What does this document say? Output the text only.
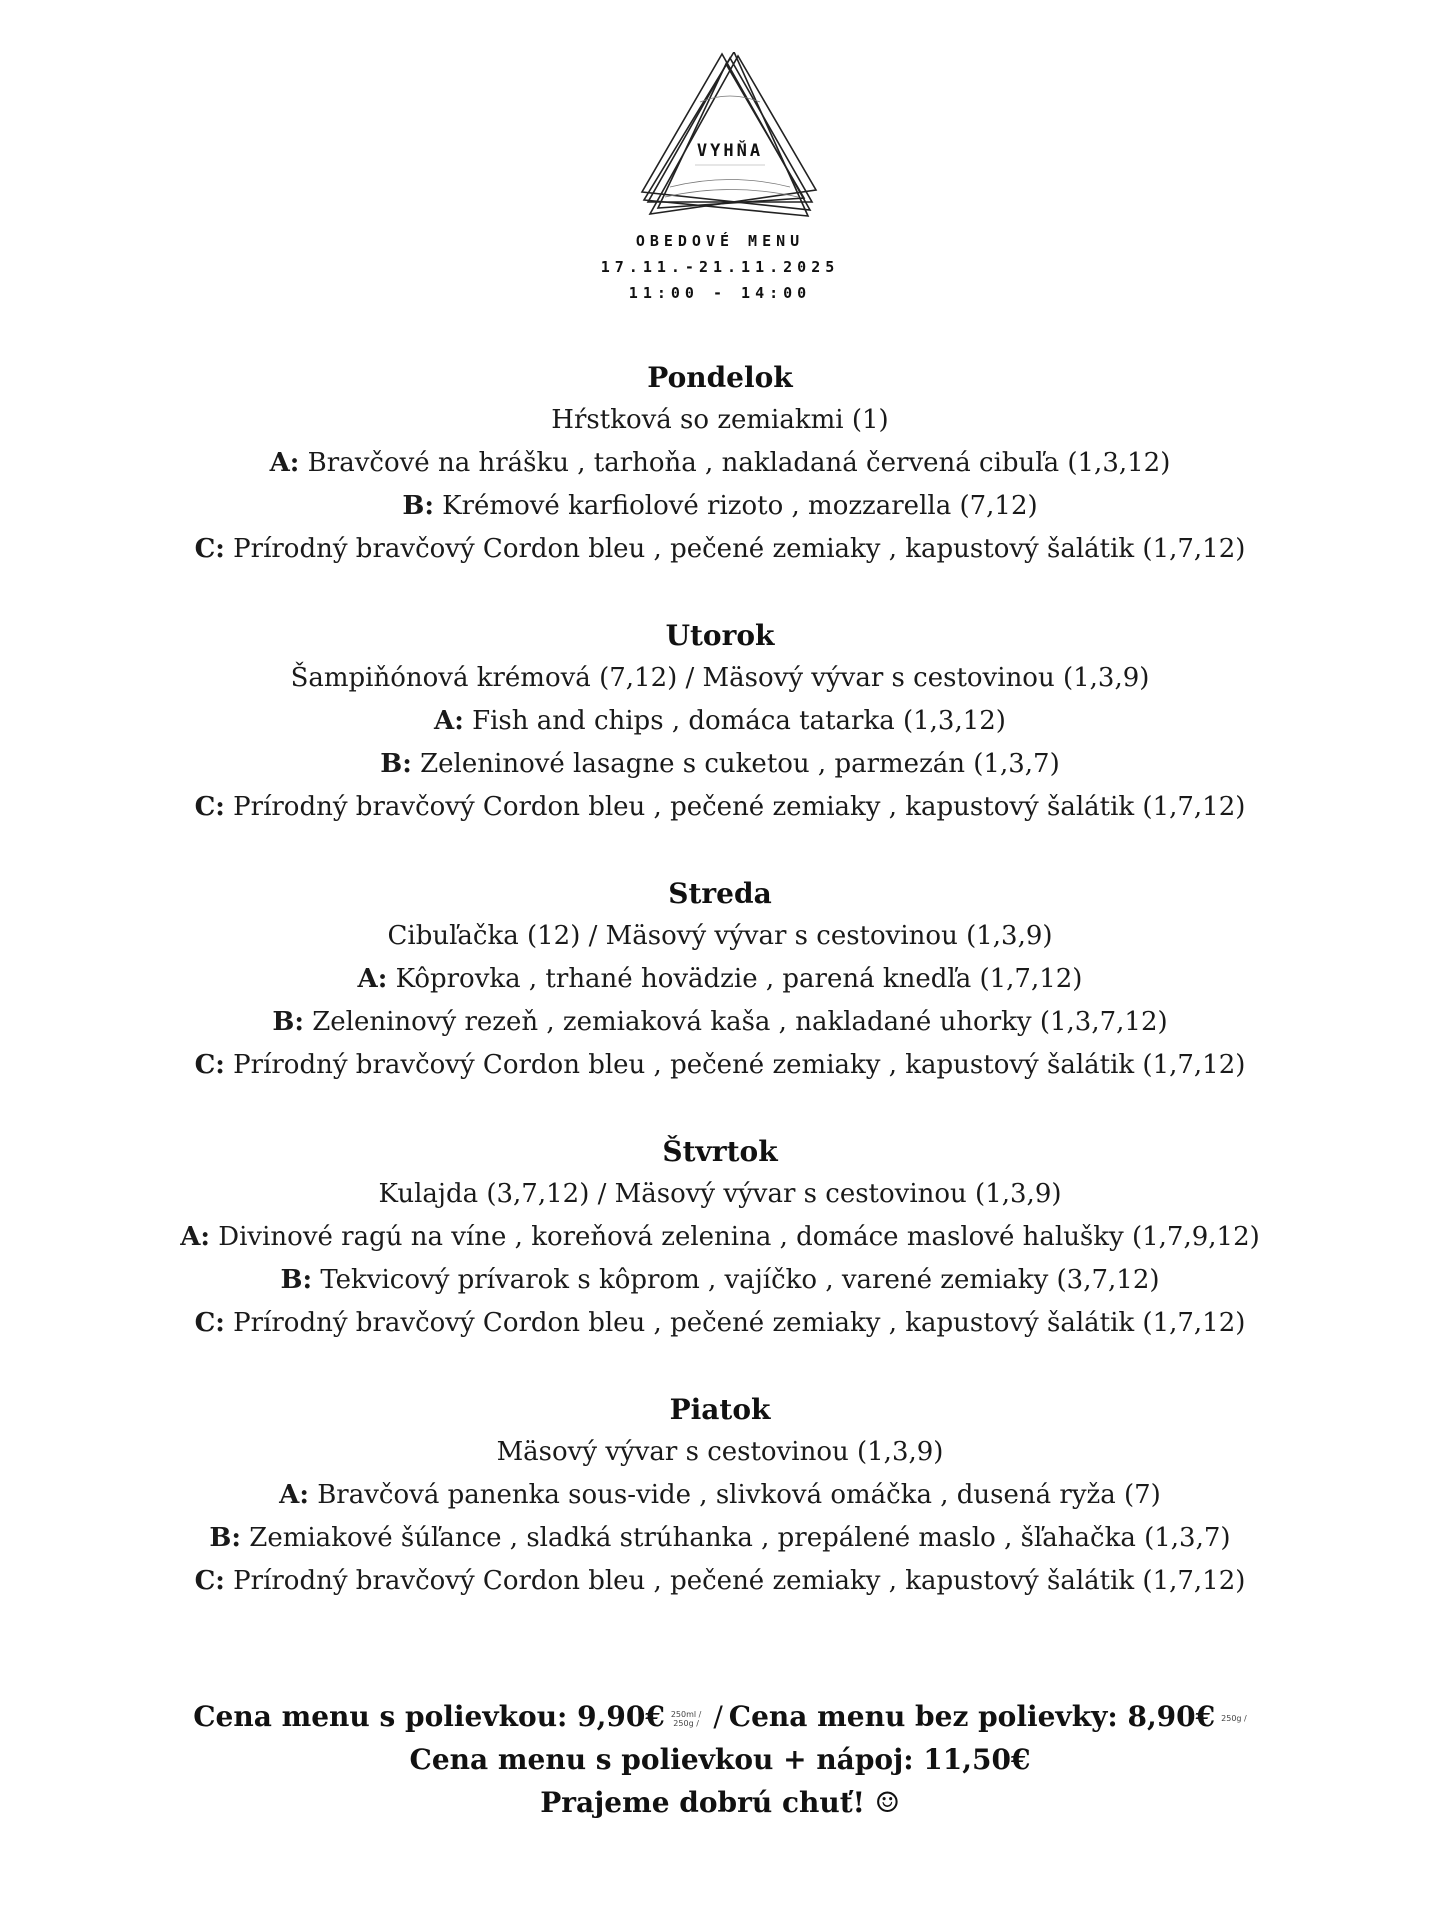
VYHŇA
OBEDOVÉ MENU
17.11.-21.11.2025
11:00 - 14:00
Pondelok
Hŕstková so zemiakmi (1)
A: Bravčové na hrášku , tarhoňa , nakladaná červená cibuľa (1,3,12)
B: Krémové karfiolové rizoto , mozzarella (7,12)
C: Prírodný bravčový Cordon bleu , pečené zemiaky , kapustový šalátik (1,7,12)
Utorok
Šampiňónová krémová (7,12) / Mäsový vývar s cestovinou (1,3,9)
A: Fish and chips , domáca tatarka (1,3,12)
B: Zeleninové lasagne s cuketou , parmezán (1,3,7)
C: Prírodný bravčový Cordon bleu , pečené zemiaky , kapustový šalátik (1,7,12)
Streda
Cibuľačka (12) / Mäsový vývar s cestovinou (1,3,9)
A: Kôprovka , trhané hovädzie , parená knedľa (1,7,12)
B: Zeleninový rezeň , zemiaková kaša , nakladané uhorky (1,3,7,12)
C: Prírodný bravčový Cordon bleu , pečené zemiaky , kapustový šalátik (1,7,12)
Štvrtok
Kulajda (3,7,12) / Mäsový vývar s cestovinou (1,3,9)
A: Divinové ragú na víne , koreňová zelenina , domáce maslové halušky (1,7,9,12)
B: Tekvicový prívarok s kôprom , vajíčko , varené zemiaky (3,7,12)
C: Prírodný bravčový Cordon bleu , pečené zemiaky , kapustový šalátik (1,7,12)
Piatok
Mäsový vývar s cestovinou (1,3,9)
A: Bravčová panenka sous-vide , slivková omáčka , dusená ryža (7)
B: Zemiakové šúľance , sladká strúhanka , prepálené maslo , šľahačka (1,3,7)
C: Prírodný bravčový Cordon bleu , pečené zemiaky , kapustový šalátik (1,7,12)
Cena menu s polievkou: 9,90€ 250ml /
250g / / Cena menu bez polievky: 8,90€ 250g /
Cena menu s polievkou + nápoj: 11,50€
Prajeme dobrú chuť! ☺
